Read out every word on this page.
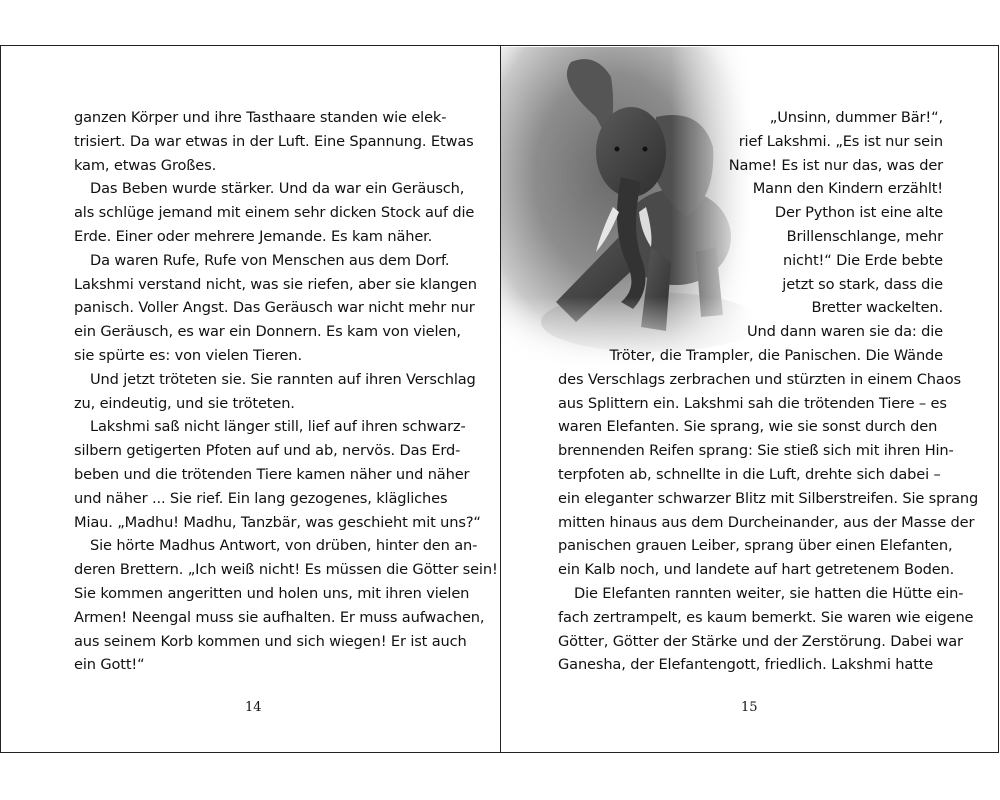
ganzen Körper und ihre Tasthaare standen wie elek-
trisiert. Da war etwas in der Luft. Eine Spannung. Etwas
kam, etwas Großes.
Das Beben wurde stärker. Und da war ein Geräusch,
als schlüge jemand mit einem sehr dicken Stock auf die
Erde. Einer oder mehrere Jemande. Es kam näher.
Da waren Rufe, Rufe von Menschen aus dem Dorf.
Lakshmi verstand nicht, was sie riefen, aber sie klangen
panisch. Voller Angst. Das Geräusch war nicht mehr nur
ein Geräusch, es war ein Donnern. Es kam von vielen,
sie spürte es: von vielen Tieren.
Und jetzt tröteten sie. Sie rannten auf ihren Verschlag
zu, eindeutig, und sie tröteten.
Lakshmi saß nicht länger still, lief auf ihren schwarz-
silbern getigerten Pfoten auf und ab, nervös. Das Erd-
beben und die trötenden Tiere kamen näher und näher
und näher ... Sie rief. Ein lang gezogenes, klägliches
Miau. „Madhu! Madhu, Tanzbär, was geschieht mit uns?“
Sie hörte Madhus Antwort, von drüben, hinter den an-
deren Brettern. „Ich weiß nicht! Es müssen die Götter sein!
Sie kommen angeritten und holen uns, mit ihren vielen
Armen! Neengal muss sie aufhalten. Er muss aufwachen,
aus seinem Korb kommen und sich wiegen! Er ist auch
ein Gott!“
14
„Unsinn, dummer Bär!“,
rief Lakshmi. „Es ist nur sein
Name! Es ist nur das, was der
Mann den Kindern erzählt!
Der Python ist eine alte
Brillenschlange, mehr
nicht!“ Die Erde bebte
jetzt so stark, dass die
Bretter wackelten.
Und dann waren sie da: die
Tröter, die Trampler, die Panischen. Die Wände
des Verschlags zerbrachen und stürzten in einem Chaos
aus Splittern ein. Lakshmi sah die trötenden Tiere – es
waren Elefanten. Sie sprang, wie sie sonst durch den
brennenden Reifen sprang: Sie stieß sich mit ihren Hin-
terpfoten ab, schnellte in die Luft, drehte sich dabei –
ein eleganter schwarzer Blitz mit Silberstreifen. Sie sprang
mitten hinaus aus dem Durcheinander, aus der Masse der
panischen grauen Leiber, sprang über einen Elefanten,
ein Kalb noch, und landete auf hart getretenem Boden.
Die Elefanten rannten weiter, sie hatten die Hütte ein-
fach zertrampelt, es kaum bemerkt. Sie waren wie eigene
Götter, Götter der Stärke und der Zerstörung. Dabei war
Ganesha, der Elefantengott, friedlich. Lakshmi hatte
15
